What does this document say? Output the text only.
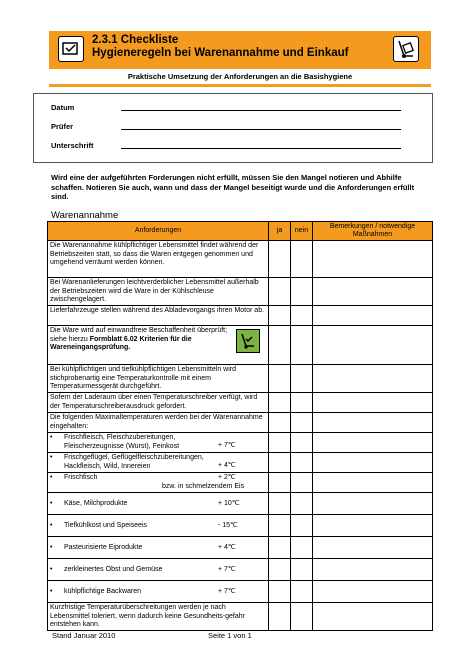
2.3.1 Checkliste
Hygieneregeln bei Warenannahme und Einkauf
Praktische Umsetzung der Anforderungen an die Basishygiene
Datum
Prüfer
Unterschrift
Wird eine der aufgeführten Forderungen nicht erfüllt, müssen Sie den Mangel notieren und Abhilfe schaffen. Notieren Sie auch, wann und dass der Mangel beseitigt wurde und die Anforderungen erfüllt sind.
Warenannahme
Anforderungen	ja	nein	Bemerkungen / notwendige Maßnahmen
Die Warenannahme kühlpflichtiger Lebensmittel findet während der Betriebszeiten statt, so dass die Waren entgegen genommen und umgehend verräumt werden können.			
Bei Warenanlieferungen leichtverderblicher Lebensmittel außerhalb der Betriebszeiten wird die Ware in der Kühlschleuse zwischengelagert.			
Lieferfahrzeuge stellen während des Abladevorgangs ihren Motor ab.			

Die Ware wird auf einwandfreie Beschaffenheit überprüft; siehe hierzu Formblatt 6.02 Kriterien für die Wareneingangsprüfung.			
Bei kühlpflichtigen und tiefkühlpflichtigen Lebensmitteln wird stichprobenartig eine Temperaturkontrolle mit einem Temperaturmessgerät durchgeführt.			
Sofern der Laderaum über einen Temperaturschreiber verfügt, wird der Temperaturschreiberausdruck gefordert.			
Die folgenden Maximaltemperaturen werden bei der Warenannahme eingehalten:			

• Frischfleisch, Fleischzubereitungen, Fleischerzeugnisse (Wurst), Feinkost + 7℃			

• Frischgeflügel, Geflügelfleischzubereitungen, Hackfleisch, Wild, Innereien + 4℃			

• Frischfisch + 2℃
bzw. in schmelzendem Eis			

• Käse, Milchprodukte + 10℃			

• Tiefkühlkost und Speiseeis - 15℃			

• Pasteurisierte Eiprodukte + 4℃			

• zerkleinertes Obst und Gemüse + 7℃			

• kühlpflichtige Backwaren + 7℃			

Kurzfristige Temperaturüberschreitungen werden je nach Lebensmittel toleriert, wenn dadurch keine Gesundheits-gefahr entstehen kann.			
Stand Januar 2010	Seite 1 von 1
